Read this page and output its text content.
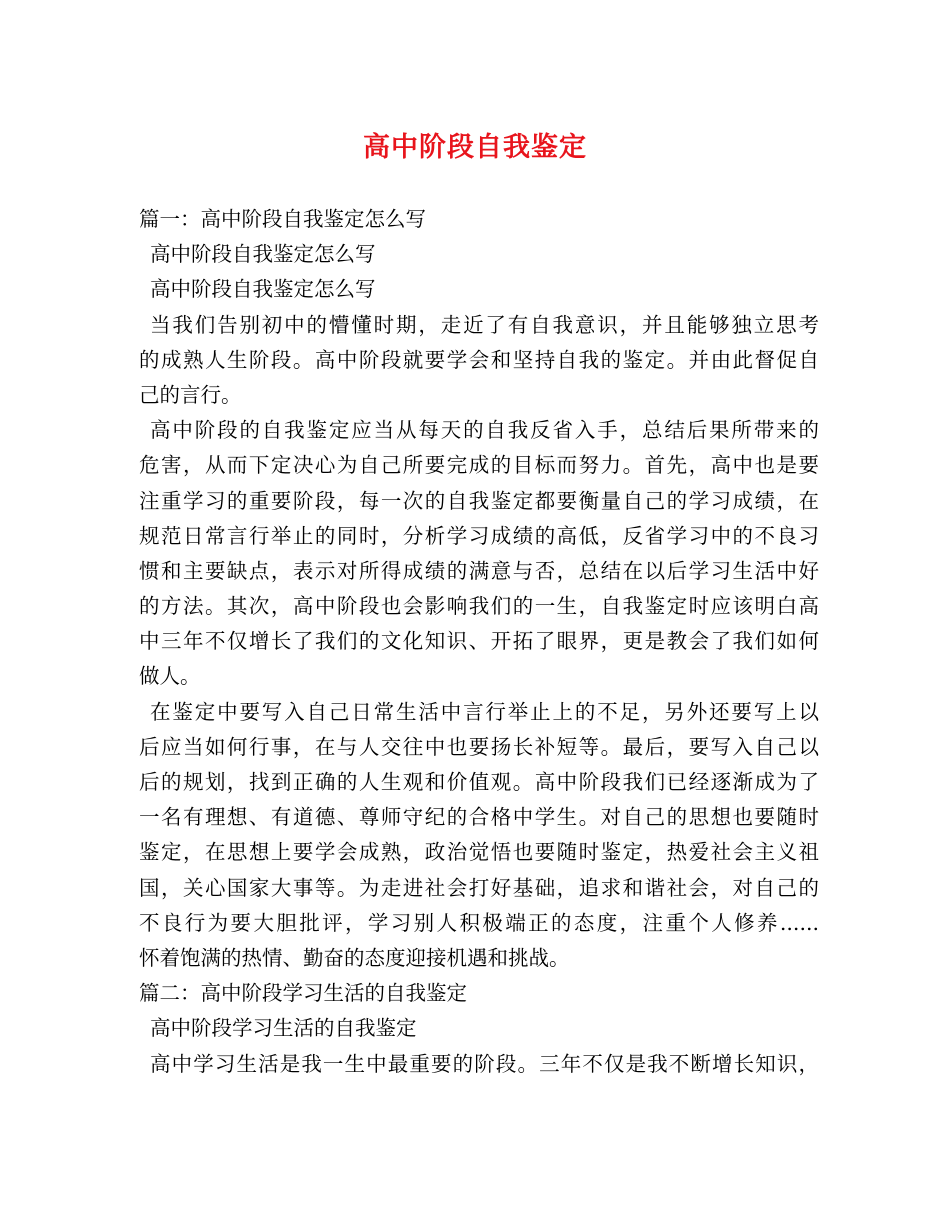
高中阶段自我鉴定
篇一：高中阶段自我鉴定怎么写
高中阶段自我鉴定怎么写
高中阶段自我鉴定怎么写
当我们告别初中的懵懂时期，走近了有自我意识，并且能够独立思考
的成熟人生阶段。高中阶段就要学会和坚持自我的鉴定。并由此督促自
己的言行。
高中阶段的自我鉴定应当从每天的自我反省入手，总结后果所带来的
危害，从而下定决心为自己所要完成的目标而努力。首先，高中也是要
注重学习的重要阶段，每一次的自我鉴定都要衡量自己的学习成绩，在
规范日常言行举止的同时，分析学习成绩的高低，反省学习中的不良习
惯和主要缺点，表示对所得成绩的满意与否，总结在以后学习生活中好
的方法。其次，高中阶段也会影响我们的一生，自我鉴定时应该明白高
中三年不仅增长了我们的文化知识、开拓了眼界，更是教会了我们如何
做人。
在鉴定中要写入自己日常生活中言行举止上的不足，另外还要写上以
后应当如何行事，在与人交往中也要扬长补短等。最后，要写入自己以
后的规划，找到正确的人生观和价值观。高中阶段我们已经逐渐成为了
一名有理想、有道德、尊师守纪的合格中学生。对自己的思想也要随时
鉴定，在思想上要学会成熟，政治觉悟也要随时鉴定，热爱社会主义祖
国，关心国家大事等。为走进社会打好基础，追求和谐社会，对自己的
不良行为要大胆批评，学习别人积极端正的态度，注重个人修养......
怀着饱满的热情、勤奋的态度迎接机遇和挑战。
篇二：高中阶段学习生活的自我鉴定
高中阶段学习生活的自我鉴定
高中学习生活是我一生中最重要的阶段。三年不仅是我不断增长知识，
